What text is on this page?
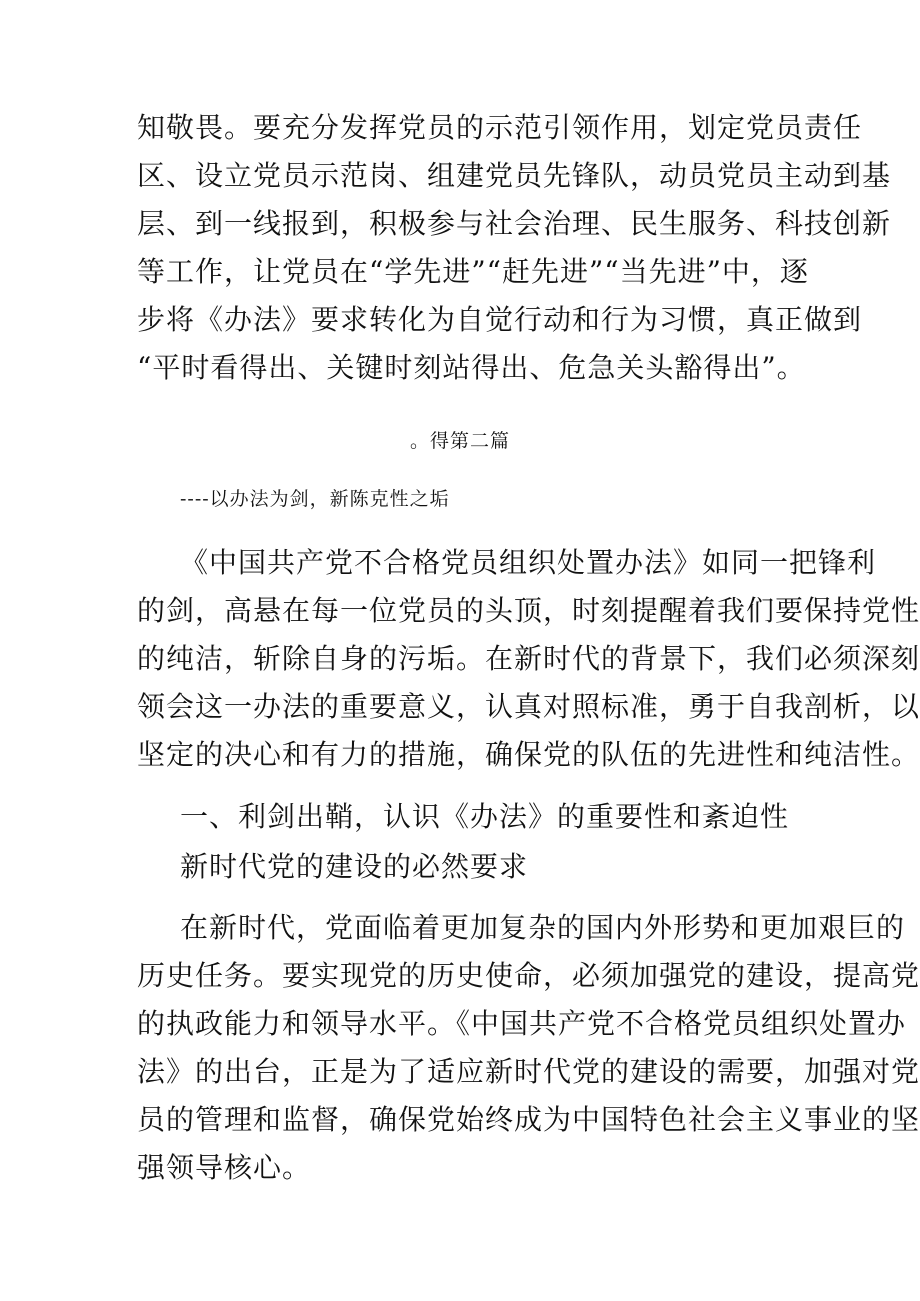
知敬畏。要充分发挥党员的示范引领作用，划定党员责任
区、设立党员示范岗、组建党员先锋队，动员党员主动到基
层、到一线报到，积极参与社会治理、民生服务、科技创新
等工作，让党员在“学先进”“赶先进”“当先进”中，逐
步将《办法》要求转化为自觉行动和行为习惯，真正做到
“平时看得出、关键时刻站得出、危急关头豁得出”。
。得第二篇
----以办法为剑，新陈克性之垢
《中国共产党不合格党员组织处置办法》如同一把锋利
的剑，高悬在每一位党员的头顶，时刻提醒着我们要保持党性
的纯洁，斩除自身的污垢。在新时代的背景下，我们必须深刻
领会这一办法的重要意义，认真对照标准，勇于自我剖析，以
坚定的决心和有力的措施，确保党的队伍的先进性和纯洁性。
一、利剑出鞘，认识《办法》的重要性和紊迫性
新时代党的建设的必然要求
在新时代，党面临着更加复杂的国内外形势和更加艰巨的
历史任务。要实现党的历史使命，必须加强党的建设，提高党
的执政能力和领导水平。《中国共产党不合格党员组织处置办
法》的出台，正是为了适应新时代党的建设的需要，加强对党
员的管理和监督，确保党始终成为中国特色社会主义事业的坚
强领导核心。
